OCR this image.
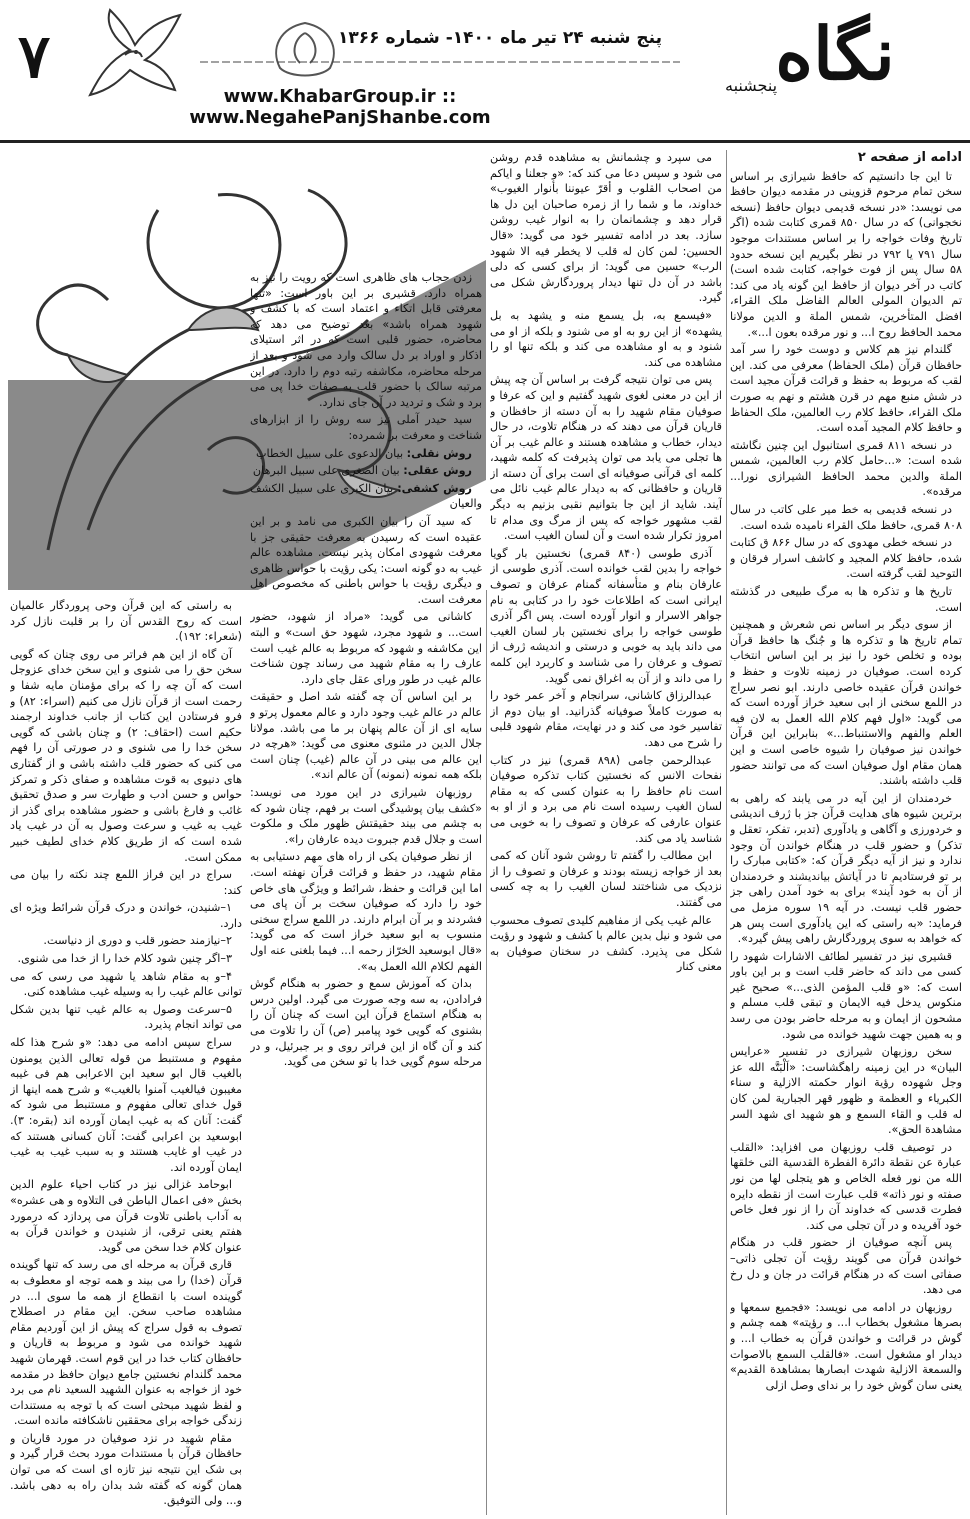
۷	پنج شنبه ۲۴ تیر ماه ۱۴۰۰- شماره ۱۳۶۶
www.KhabarGroup.ir :: www.NegahePanjShanbe.com
نگاه
پنجشنبه

ادامه از صفحه ۲

تا این جا دانستیم که حافظ شیرازی بر اساس سخن تمام مرحوم قزوینی در مقدمه دیوان حافظ می نویسد: «در نسخه قدیمی دیوان حافظ (نسخه نخجوانی) که در سال ۸۵۰ قمری کتابت شده (اگر تاریخ وفات خواجه را بر اساس مستندات موجود سال ۷۹۱ یا ۷۹۲ در نظر بگیریم این نسخه حدود ۵۸ سال پس از فوت خواجه، کتابت شده است) کاتب در آخر دیوان از حافظ این گونه یاد می کند: تم الدیوان المولی العالم الفاضل ملک القراء، افضل المتأخرین، شمس الملة و الدین مولانا محمد الحافظ روح ا... و نور مرقده بعون ا...».

گلندام نیز هم کلاس و دوست خود را سر آمد حافظان قرآن (ملک الحفاظ) معرفی می کند. این لقب که مربوط به حفظ و قرائت قرآن مجید است در شش منبع مهم در قرن هشتم و نهم به صورت ملک القراء، حافظ کلام رب العالمین، ملک الحفاظ و حافظ کلام المجید آمده است.

در نسخه ۸۱۱ قمری استانبول این چنین نگاشته شده است: «...حامل کلام رب العالمین، شمس الملة والدین محمد الحافظ الشیرازی نورا... مرقده».

در نسخه قدیمی به خط میر علی کاتب در سال ۸۰۸ قمری، حافظ ملک القراء نامیده شده است.

در نسخه خطی مهدوی که در سال ۸۶۶ ق کتابت شده، حافظ کلام المجید و کاشف اسرار فرقان و التوحید لقب گرفته است.

تاریخ ها و تذکره ها به مرگ طبیعی در گذشته است.

از سوی دیگر بر اساس نص شعرش و همچنین تمام تاریخ ها و تذکره ها و جُنگ ها حافظ قرآن بوده و تخلص خود را نیز بر این اساس انتخاب کرده است. صوفیان در زمینه تلاوت و حفظ و خواندن قرآن عقیده خاصی دارند. ابو نصر سراج در اللمع سخنی از ابی سعید خراز آورده است که می گوید: «اول فهم کلام الله العمل به لان فیه العلم والفهم والاستنباط...» بنابراین این قرآن خواندن نیز صوفیان را شیوه خاصی است و این همان مقام اول صوفیان است که می توانند حضور قلب داشته باشند.

خردمندان از این آیه در می یابند که راهی به برترین شیوه های هدایت قرآن جز با ژرف اندیشی و خردورزی و آگاهی و یادآوری (تدبر، تفکر، تعقل و تذکر) و حضور قلب در هنگام خواندن آن وجود ندارد و نیز از آیه دیگر قرآن که: «کتابی مبارک را بر تو فرستادیم تا در آیاتش بیاندیشند و خردمندان از آن به خود آیند» برای به خود آمدن راهی جز حضور قلب نیست. در آیه ۱۹ سوره مزمل می فرماید: «به راستی که این یادآوری است پس هر که خواهد به سوی پروردگارش راهی پیش گیرد».

قشیری نیز در تفسیر لطائف الاشارات شهود را کسی می داند که حاضر قلب است و بر این باور است که: «و قلب المؤمن الذی...» صحیح غیر منکوس یدخل فیه الایمان و تبقی قلب مسلم و مشحون از ایمان و به مرحله حاضر بودن می رسد و به همین جهت شهید خوانده می شود.

سخن روزبهان شیرازی در تفسیر «عرایس البیان» در این زمینه راهگشاست: «اَلْبَتَّه الله عز وجل شهوده رؤیة انوار حکمته الازلیة و سناء الکبریاء و العظمة و ظهور قهر الجباریة لمن کان له قلب و القاء السمع و هو شهید ای شهد السر مشاهدة الحق».

در توصیف قلب روزبهان می افزاید: «القلب عبارة عن نقطة دائرة الفطرة القدسیة التی خلقها الله من نور فعله الخاص و هو یتجلی لها من نور صفته و نور ذاته» قلب عبارت است از نقطه دایره فطرت قدسی که خداوند آن را از نور فعل خاص خود آفریده و در آن تجلی می کند.

پس آنچه صوفیان از حضور قلب در هنگام خواندن قرآن می گویند رؤیت آن تجلی ذاتی– صفاتی است که در هنگام قرائت در جان و دل رخ می دهد.

روزبهان در ادامه می نویسد: «فجمیع سمعها و بصرها مشغول بخطاب ا... و رؤیته» همه چشم و گوش در قرائت و خواندن قرآن به خطاب ا... و دیدار او مشغول است. «فالقلب السمع بالاصوات والسمعة الازلیة شهدت ابصارها بمشاهدة القدیم» یعنی سان گوش خود را بر ندای وصل ازلی

می سپرد و چشمانش به مشاهده قدم روشن می شود و سپس دعا می کند که: «و جعلنا و ایاکم من اصحاب القلوب و أقرّ عیوننا بأنوار الغیوب» خداوند، ما و شما را از زمره صاحبان این دل ها قرار دهد و چشمانمان را به انوار غیب روشن سازد. بعد در ادامه تفسیر خود می گوید: «قال الحسین: لمن کان له قلب لا یخطر فیه الا شهود الرب» حسین می گوید: از برای کسی که دلی باشد در آن دل تنها دیدار پروردگارش شکل می گیرد.

«فیسمع به، بل یسمع منه و یشهد به بل یشهده» از این رو به او می شنود و بلکه از او می شنود و به او مشاهده می کند و بلکه تنها او را مشاهده می کند.

پس می توان نتیجه گرفت بر اساس آن چه پیش از این در معنی لغوی شهید گفتیم و این که عرفا و صوفیان مقام شهید را به آن دسته از حافظان و قاریان قرآن می دهند که در هنگام تلاوت، در حال دیدار، خطاب و مشاهده هستند و عالم غیب بر آن ها تجلی می یابد می توان پذیرفت که کلمه شهید، کلمه ای قرآنی صوفیانه ای است برای آن دسته از قاریان و حافظانی که به دیدار عالم غیب نائل می آیند. شاید از این جا بتوانیم نقبی بزنیم به دیگر لقب مشهور خواجه که پس از مرگ وی مدام تا امروز تکرار شده است و آن لسان الغیب است.

آذری طوسی (۸۴۰ قمری) نخستین بار گویا خواجه را بدین لقب خوانده است. آذری طوسی از عارفان بنام و متأسفانه گمنام عرفان و تصوف ایرانی است که اطلاعات خود را در کتابی به نام جواهر الاسرار و انوار آورده است. پس اگر آذری طوسی خواجه را برای نخستین بار لسان الغیب می داند باید به خوبی و درستی و اندیشه ژرف از تصوف و عرفان را می شناسد و کاربرد این کلمه را می داند و از آن به اغراق نمی گوید.

عبدالرزاق کاشانی، سرانجام و آخر عمر خود را به صورت کاملاً صوفیانه گذرانید. او بیان دوم از تفاسیر خود می کند و در نهایت، مقام شهود قلبی را شرح می دهد.

عبدالرحمن جامی (۸۹۸ قمری) نیز در کتاب نفحات الانس که نخستین کتاب تذکره صوفیان است نام حافظ را به عنوان کسی که به مقام لسان الغیب رسیده است نام می برد و از او به عنوان عارفی که عرفان و تصوف را به خوبی می شناسد یاد می کند.

ابن مطالب را گفتم تا روشن شود آنان که کمی بعد از خواجه زیسته بودند و عرفان و تصوف را از نزدیک می شناختند لسان الغیب را به چه کسی می گفتند.

عالم غیب یکی از مفاهیم کلیدی تصوف محسوب می شود و نیل بدین عالم با کشف و شهود و رؤیت شکل می پذیرد. کشف در سخنان صوفیان به معنی کنار

زدن حجاب های ظاهری است که رویت را نیز به همراه دارد. قشیری بر این باور است: «تنها معرفتی قابل اتکاء و اعتماد است که با کشف و شهود همراه باشد» بعد توضیح می دهد که محاضره، حضور قلبی است که در اثر استیلای اذکار و اوراد بر دل سالک وارد می شود و بعد از مرحله محاضره، مکاشفه رتبه دوم را دارد. در این مرتبه سالک با حضور قلب به صفات خدا پی می برد و شک و تردید در آن جای ندارد.

سید حیدر آملی نیز سه روش را از ابزارهای شناخت و معرفت بر شمرده:

روش نقلی: بیان الدعوی علی سبیل الخطاب

روش عقلی: بیان الصغری علی سبیل البرهان

روش کشفی: بیان الکبری علی سبیل الکشف والعیان

که سید آن را بیان الکبری می نامد و بر این عقیده است که رسیدن به معرفت حقیقی جز با معرفت شهودی امکان پذیر نیست. مشاهده عالم غیب به دو گونه است: یکی رؤیت با حواس ظاهری و دیگری رؤیت با حواس باطنی که مخصوص اهل معرفت است.

کاشانی می گوید: «مراد از شهود، حضور است... و شهود مجرد، شهود حق است» و البته این مکاشفه و شهود که مربوط به عالم غیب است عارف را به مقام شهید می رساند چون شناخت عالم غیب در طور ورای عقل جای دارد.

بر این اساس آن چه گفته شد اصل و حقیقت عالم در عالم غیب وجود دارد و عالم معمول پرتو و سایه ای از آن عالم پنهان بر ما می باشد. مولانا جلال الدین در مثنوی معنوی می گوید: «هرچه در این عالم می بینی در آن عالم (غیب) چنان است بلکه همه نمونه (نمونه) آن عالم اند».

روزبهان شیرازی در این مورد می نویسد: «کشف بیان پوشیدگی است بر فهم، چنان شود که به چشم می بیند حقیقتش ظهور ملک و ملکوت است و جلال قدم جبروت دیده عارفان را».

از نظر صوفیان یکی از راه های مهم دستیابی به مقام شهید، در حفظ و قرائت قرآن نهفته است. اما این قرائت و حفظ، شرائط و ویژگی های خاص خود را دارد که صوفیان سخت بر آن پای می فشردند و بر آن ابرام دارند. در اللمع سراج سخنی منسوب به ابو سعید خراز است که می گوید: «قال ابوسعید الخرّاز رحمه ا... فیما بلغنی عنه اول الفهم لکلام الله العمل به».

بدان که آموزش سمع و حضور به هنگام گوش فرادادن، به سه وجه صورت می گیرد. اولین درس به هنگام استماع قرآن این است که چنان آن را بشنوی که گویی خود پیامبر (ص) آن را تلاوت می کند و آن گاه از این فراتر روی و بر جبرئیل، و در مرحله سوم گویی خدا با تو سخن می گوید.

به راستی که این قرآن وحی پروردگار عالمیان است که روح القدس آن را بر قلبت نازل کرد (شعراء: ۱۹۲).

آن گاه از این هم فراتر می روی چنان که گویی سخن حق را می شنوی و این سخن خدای عزوجل است که آن چه را که برای مؤمنان مایه شفا و رحمت است از قرآن نازل می کنیم (اسراء: ۸۲) و فرو فرستادن این کتاب از جانب خداوند ارجمند حکیم است (احقاف: ۲) و چنان باشی که گویی سخن خدا را می شنوی و در صورتی آن را فهم می کنی که حضور قلب داشته باشی و از گفتاری های دنیوی به قوت مشاهده و صفای ذکر و تمرکز حواس و حسن ادب و طهارت سر و صدق تحقیق غائب و فارغ باشی و حضور مشاهده برای گذر از غیب به غیب و سرعت وصول به آن در غیب یاد شده است که از طریق کلام خدای لطیف خبیر ممکن است.

سراج در این فراز اللمع چند نکته را بیان می کند:

۱–شنیدن، خواندن و درک قرآن شرائط ویژه ای دارد.

۲–نیازمند حضور قلب و دوری از دنیاست.

۳–اگر چنین شود کلام خدا را از خدا می شنوی.

۴–و به مقام شاهد یا شهید می رسی که می توانی عالم غیب را به وسیله غیب مشاهده کنی.

۵–سرعت وصول به عالم غیب تنها بدین شکل می تواند انجام پذیرد.

سراج سپس ادامه می دهد: «و شرح هذا کله مفهوم و مستنبط من قوله تعالی الذین یومنون بالغیب قال ابو سعید ابن الاعرابی هم فی غیبه مغیبون فیالغیب آمنوا بالغیب» و شرح همه اینها از قول خدای تعالی مفهوم و مستنبط می شود که گفت: آنان که به غیب ایمان آورده اند (بقره: ۳). ابوسعید بن اعرابی گفت: آنان کسانی هستند که در غیب او غایب هستند و به سبب غیب به غیب ایمان آورده اند.

ابوحامد غزالی نیز در کتاب احیاء علوم الدین بخش «فی اعمال الباطن فی التلاوه و هی عشره» به آداب باطنی تلاوت قرآن می پردازد که درمورد هفتم یعنی ترقی، از شنیدن و خواندن قرآن به عنوان کلام خدا سخن می گوید.

قاری قرآن به مرحله ای می رسد که تنها گوینده قرآن (خدا) را می بیند و همه توجه او معطوف به گوینده است با انقطاع از همه ما سوی ا... در مشاهده صاحب سخن. این مقام در اصطلاح تصوف به قول سراج که پیش از این آوردیم مقام شهید خوانده می شود و مربوط به قاریان و حافظان کتاب خدا در این قوم است. قهرمان شهید محمد گلندام نخستین جامع دیوان حافظ در مقدمه خود از خواجه به عنوان الشهید السعید نام می برد و لفظ شهید مبحثی است که با توجه به مستندات زندگی خواجه برای محققین ناشکافته مانده است.

مقام شهید در نزد صوفیان در مورد قاریان و حافظان قرآن با مستندات مورد بحث قرار گیرد و بی شک این نتیجه نیز تازه ای است که می توان همان گونه که گفته شد بدان راه به دهی باشد. و... ولی التوفیق.
